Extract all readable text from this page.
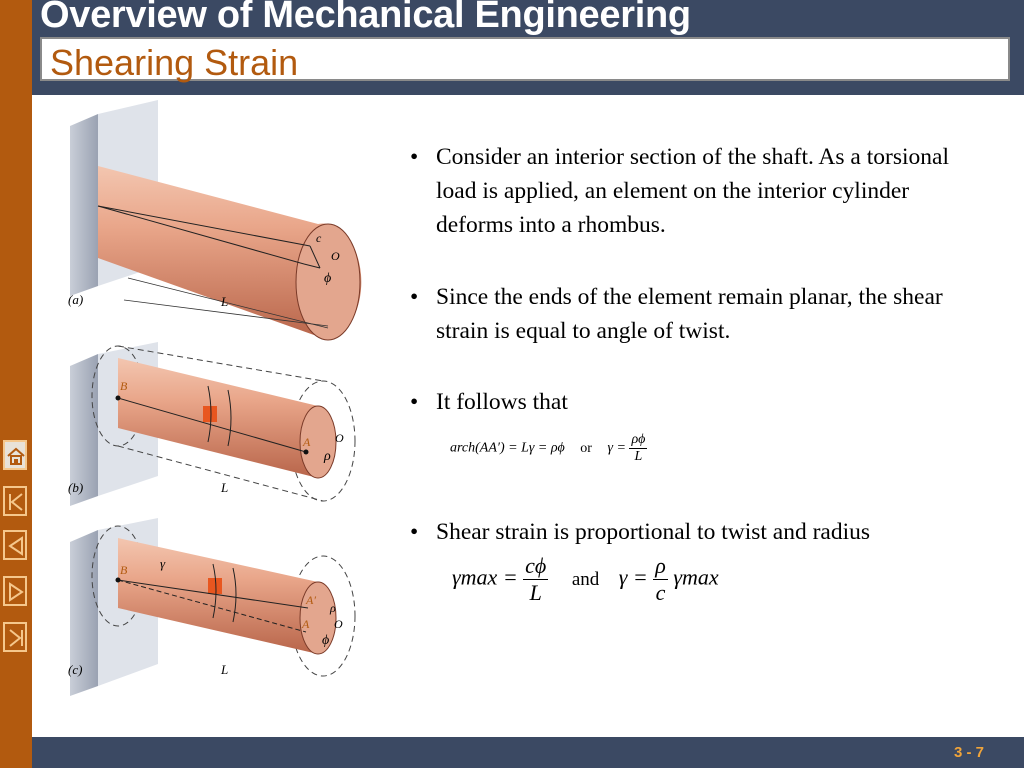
Overview of Mechanical Engineering
Shearing Strain
(a)	L
c
O
ϕ
(b)	L
B
A O
ρ
(c)	L
B	γ
A′
A
ρ
O
ϕ
• Consider an interior section of the shaft. As a torsional load is applied, an element on the interior cylinder deforms into a rhombus.
• Since the ends of the element remain planar, the shear strain is equal to angle of twist.
• It follows that
• Shear strain is proportional to twist and radius
arch(AA′) = Lγ = ρϕ or $\gamma = \frac{\rho\phi}{L}$
$\gamma\max = \frac{c\phi}{L}$ and $\gamma = \frac{\rho}{c}$ γmax
3 - 7
